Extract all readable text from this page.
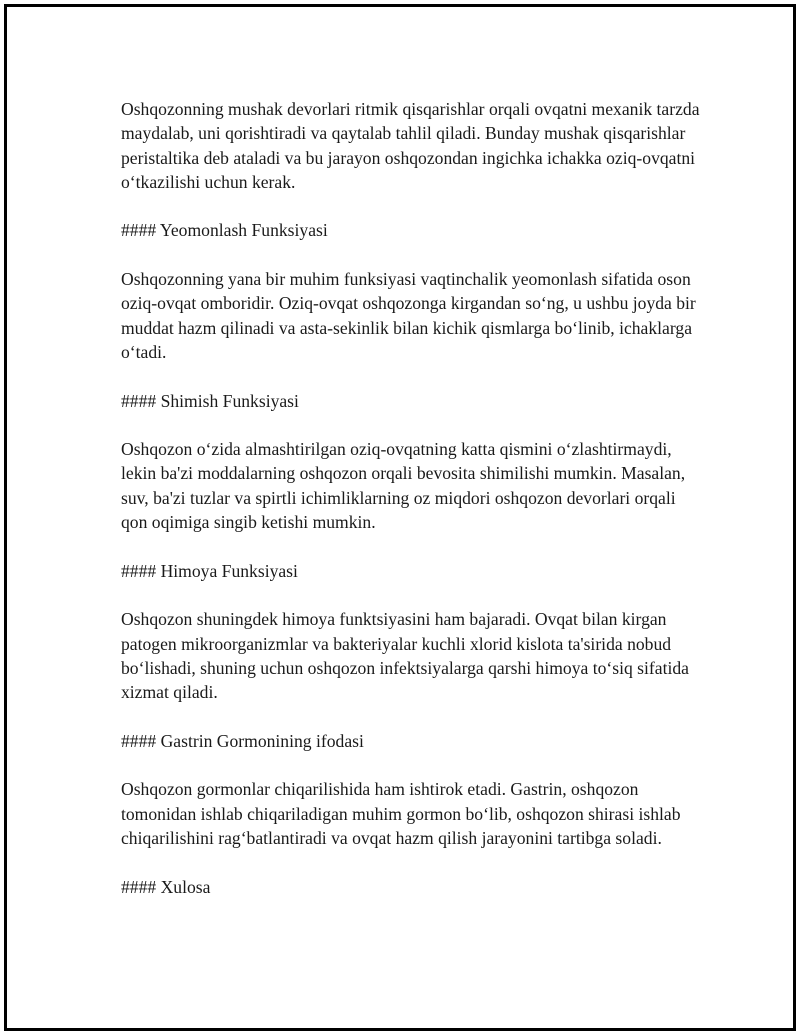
Oshqozonning mushak devorlari ritmik qisqarishlar orqali ovqatni mexanik tarzda maydalab, uni qorishtiradi va qaytalab tahlil qiladi. Bunday mushak qisqarishlar peristaltika deb ataladi va bu jarayon oshqozondan ingichka ichakka oziq-ovqatni oʻtkazilishi uchun kerak.

#### Yeomonlash Funksiyasi

Oshqozonning yana bir muhim funksiyasi vaqtinchalik yeomonlash sifatida oson oziq-ovqat omboridir. Oziq-ovqat oshqozonga kirgandan soʻng, u ushbu joyda bir muddat hazm qilinadi va asta-sekinlik bilan kichik qismlarga boʻlinib, ichaklarga oʻtadi.

#### Shimish Funksiyasi

Oshqozon oʻzida almashtirilgan oziq-ovqatning katta qismini oʻzlashtirmaydi, lekin ba'zi moddalarning oshqozon orqali bevosita shimilishi mumkin. Masalan, suv, ba'zi tuzlar va spirtli ichimliklarning oz miqdori oshqozon devorlari orqali qon oqimiga singib ketishi mumkin.

#### Himoya Funksiyasi

Oshqozon shuningdek himoya funktsiyasini ham bajaradi. Ovqat bilan kirgan patogen mikroorganizmlar va bakteriyalar kuchli xlorid kislota ta'sirida nobud boʻlishadi, shuning uchun oshqozon infektsiyalarga qarshi himoya toʻsiq sifatida xizmat qiladi.

#### Gastrin Gormonining ifodasi

Oshqozon gormonlar chiqarilishida ham ishtirok etadi. Gastrin, oshqozon tomonidan ishlab chiqariladigan muhim gormon boʻlib, oshqozon shirasi ishlab chiqarilishini ragʻbatlantiradi va ovqat hazm qilish jarayonini tartibga soladi.

#### Xulosa
